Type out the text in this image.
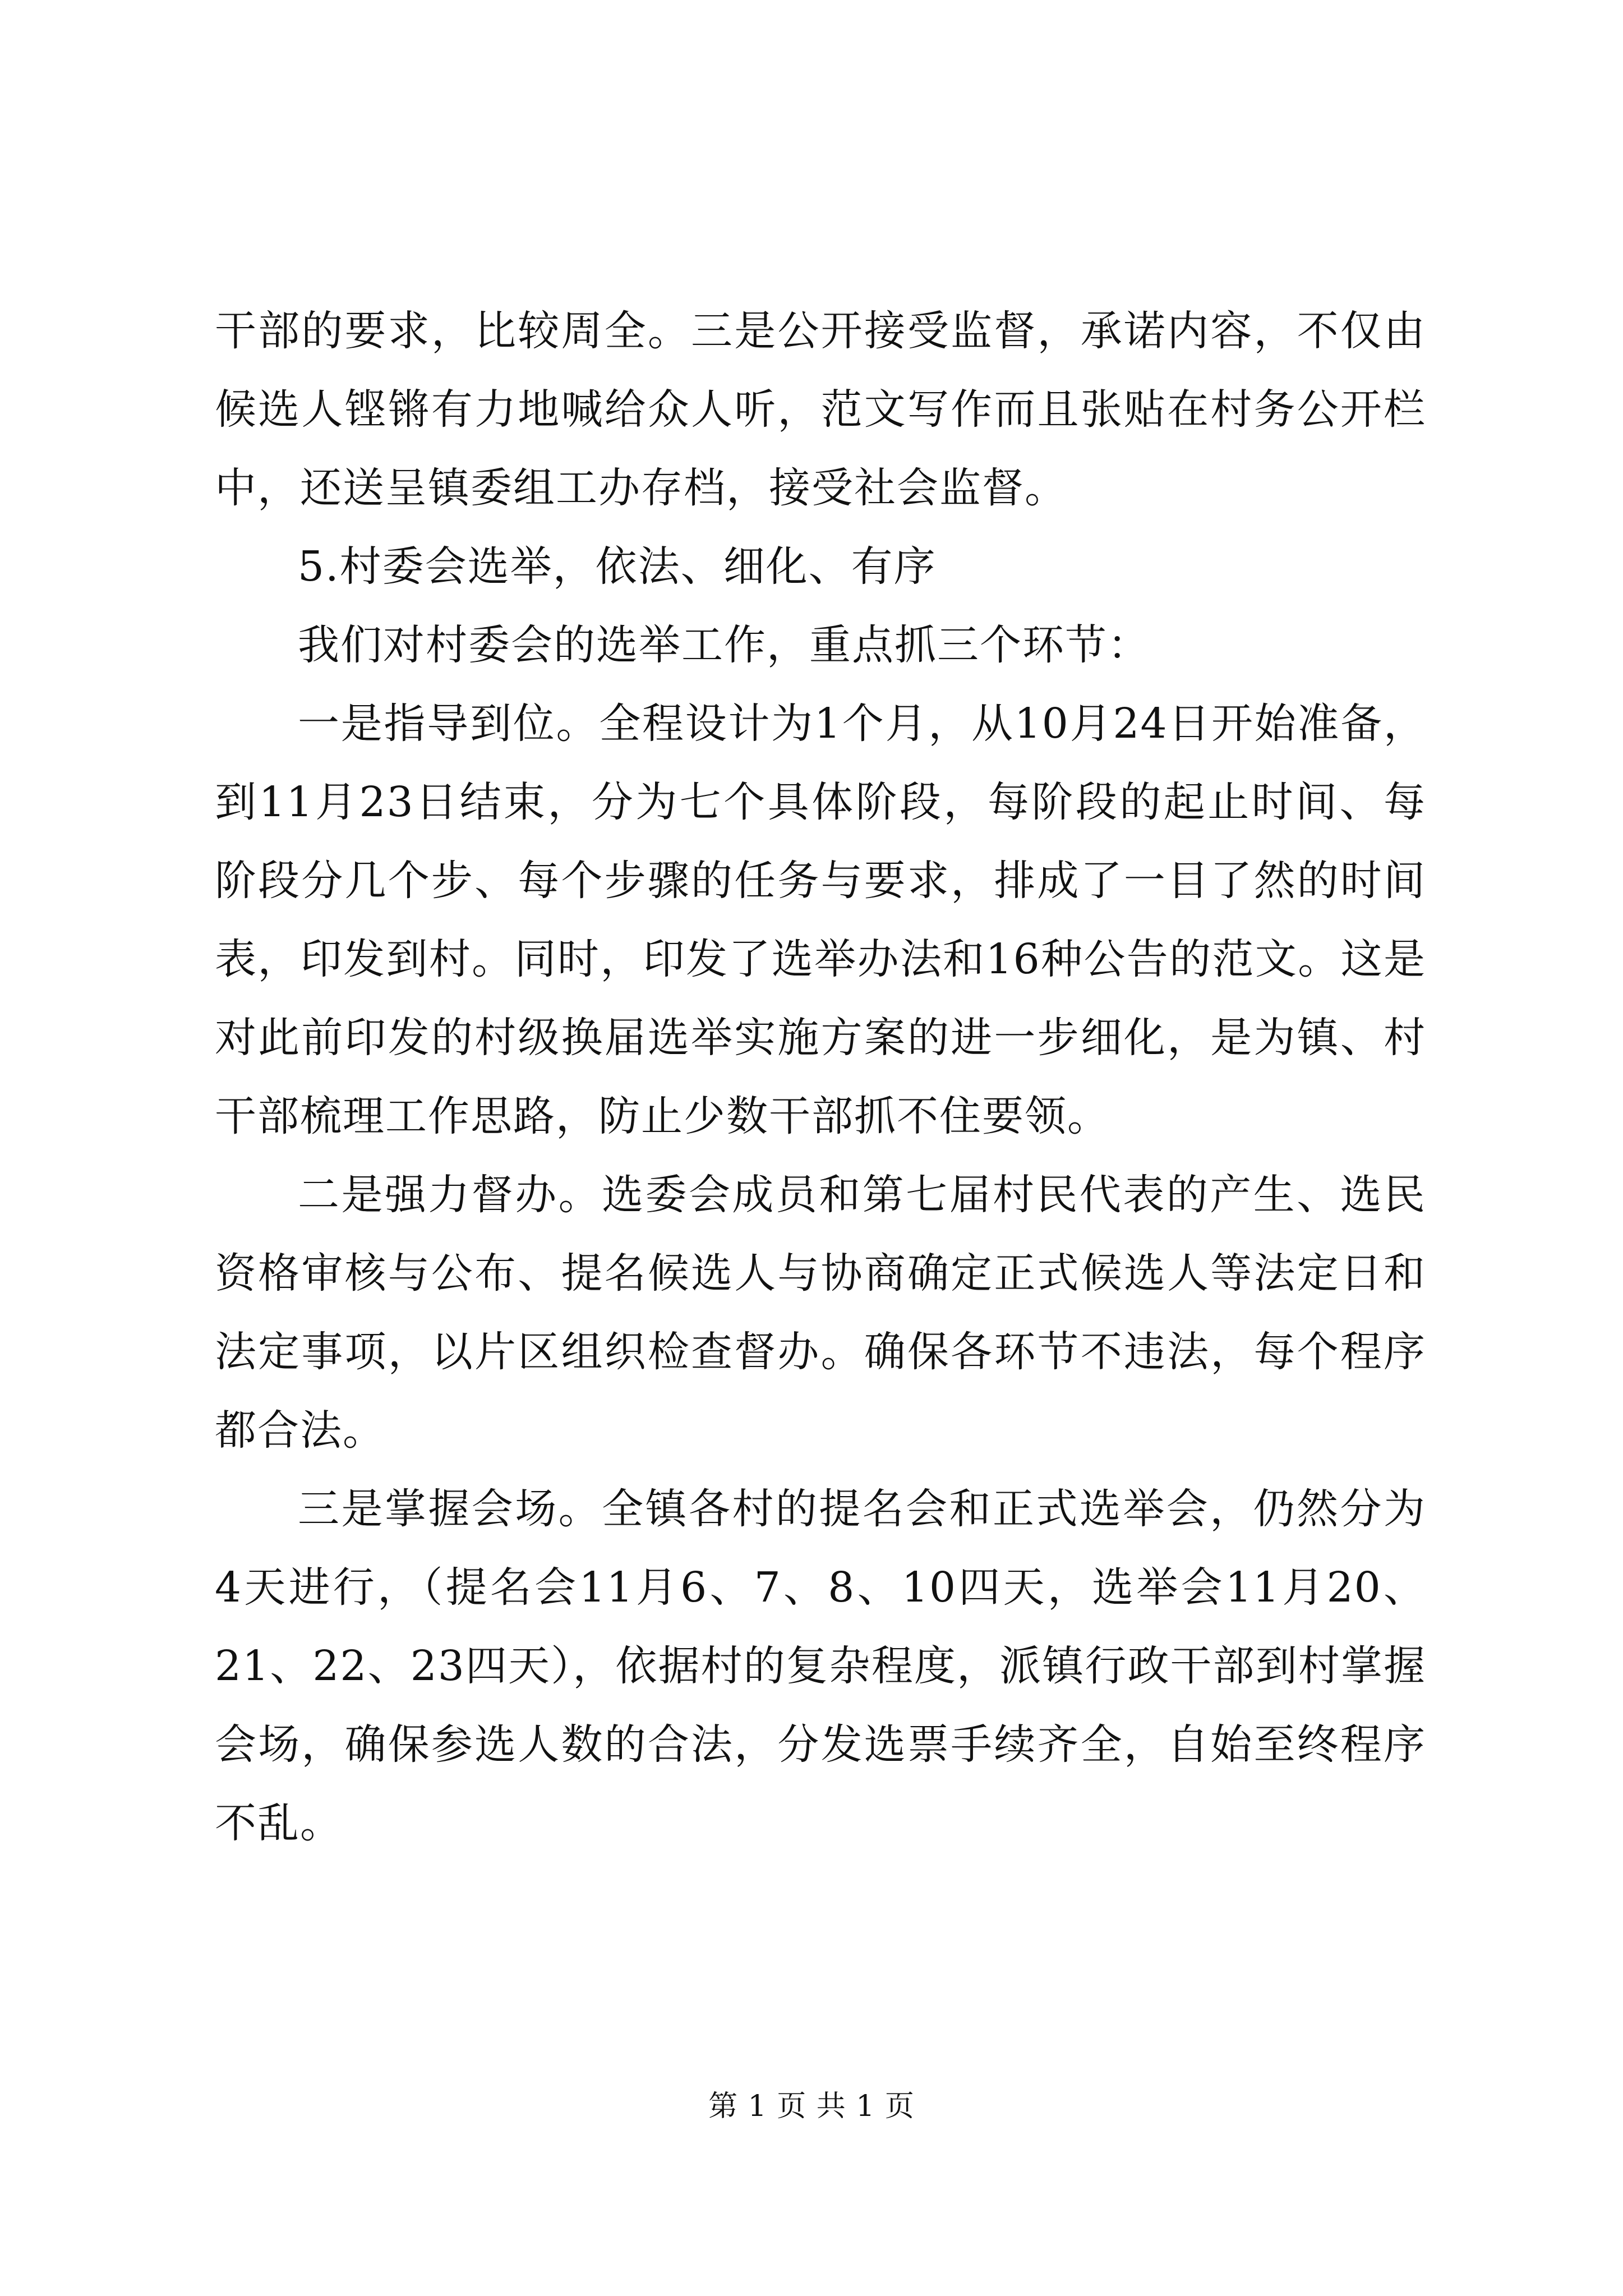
干部的要求，比较周全。三是公开接受监督，承诺内容，不仅由候选人铿锵有力地喊给众人听，范文写作而且张贴在村务公开栏中，还送呈镇委组工办存档，接受社会监督。

5.村委会选举，依法、细化、有序

我们对村委会的选举工作，重点抓三个环节：

一是指导到位。全程设计为1个月，从10月24日开始准备，到11月23日结束，分为七个具体阶段，每阶段的起止时间、每阶段分几个步、每个步骤的任务与要求，排成了一目了然的时间表，印发到村。同时，印发了选举办法和16种公告的范文。这是对此前印发的村级换届选举实施方案的进一步细化，是为镇、村干部梳理工作思路，防止少数干部抓不住要领。

二是强力督办。选委会成员和第七届村民代表的产生、选民资格审核与公布、提名候选人与协商确定正式候选人等法定日和法定事项，以片区组织检查督办。确保各环节不违法，每个程序都合法。

三是掌握会场。全镇各村的提名会和正式选举会，仍然分为4天进行，（提名会11月6、7、8、10四天，选举会11月20、21、22、23四天），依据村的复杂程度，派镇行政干部到村掌握会场，确保参选人数的合法，分发选票手续齐全，自始至终程序不乱。

第 1 页 共 1 页
